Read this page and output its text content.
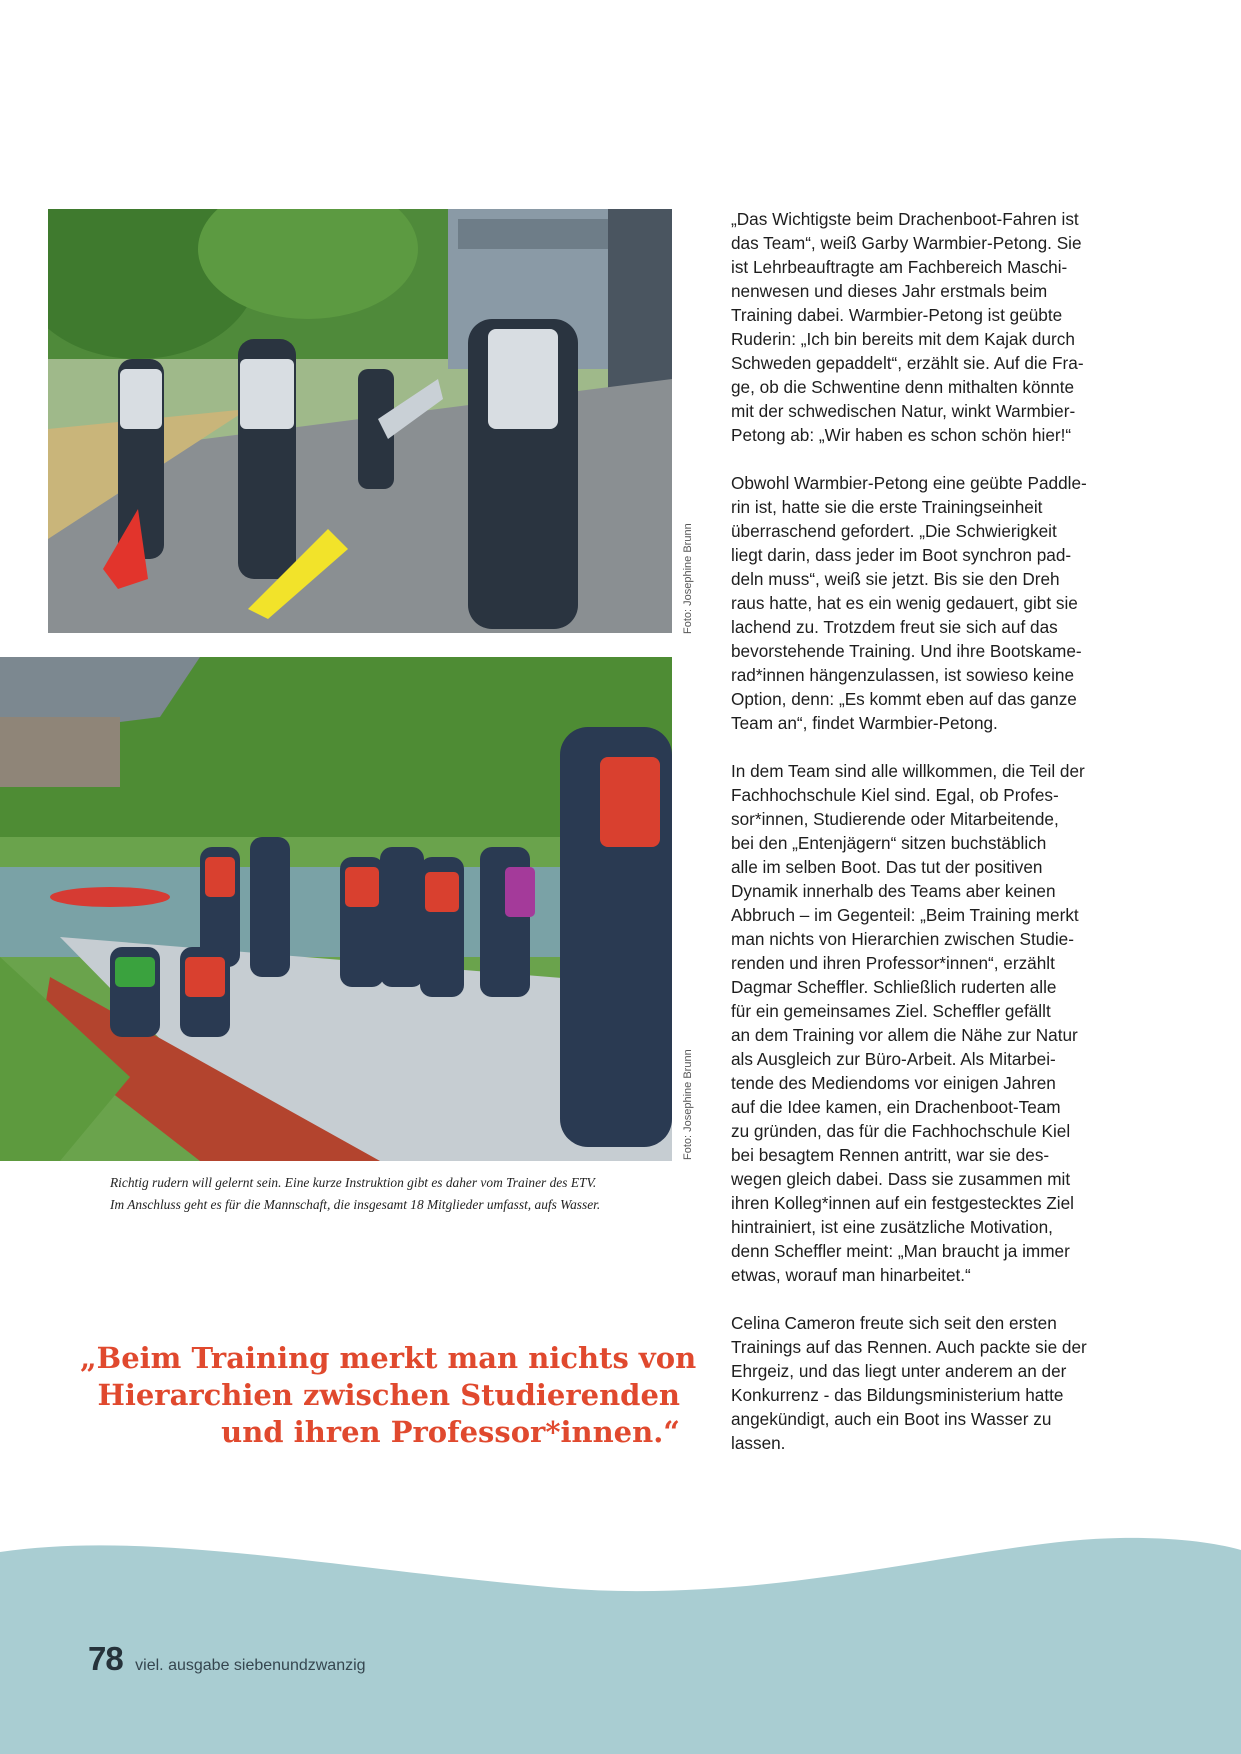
Foto: Josephine Brunn
Foto: Josephine Brunn
Richtig rudern will gelernt sein. Eine kurze Instruktion gibt es daher vom Trainer des ETV.
Im Anschluss geht es für die Mannschaft, die insgesamt 18 Mitglieder umfasst, aufs Wasser.
„Beim Training merkt man nichts von
Hierarchien zwischen Studierenden
und ihren Professor*innen.“
„Das Wichtigste beim Drachenboot-Fahren ist
das Team“, weiß Garby Warmbier-Petong. Sie
ist Lehrbeauftragte am Fachbereich Maschi-
nenwesen und dieses Jahr erstmals beim
Training dabei. Warmbier-Petong ist geübte
Ruderin: „Ich bin bereits mit dem Kajak durch
Schweden gepaddelt“, erzählt sie. Auf die Fra-
ge, ob die Schwentine denn mithalten könnte
mit der schwedischen Natur, winkt Warmbier-
Petong ab: „Wir haben es schon schön hier!“
Obwohl Warmbier-Petong eine geübte Paddle-
rin ist, hatte sie die erste Trainingseinheit
überraschend gefordert. „Die Schwierigkeit
liegt darin, dass jeder im Boot synchron pad-
deln muss“, weiß sie jetzt. Bis sie den Dreh
raus hatte, hat es ein wenig gedauert, gibt sie
lachend zu. Trotzdem freut sie sich auf das
bevorstehende Training. Und ihre Bootskame-
rad*innen hängenzulassen, ist sowieso keine
Option, denn: „Es kommt eben auf das ganze
Team an“, findet Warmbier-Petong.
In dem Team sind alle willkommen, die Teil der
Fachhochschule Kiel sind. Egal, ob Profes-
sor*innen, Studierende oder Mitarbeitende,
bei den „Entenjägern“ sitzen buchstäblich
alle im selben Boot. Das tut der positiven
Dynamik innerhalb des Teams aber keinen
Abbruch – im Gegenteil: „Beim Training merkt
man nichts von Hierarchien zwischen Studie-
renden und ihren Professor*innen“, erzählt
Dagmar Scheffler. Schließlich ruderten alle
für ein gemeinsames Ziel. Scheffler gefällt
an dem Training vor allem die Nähe zur Natur
als Ausgleich zur Büro-Arbeit. Als Mitarbei-
tende des Mediendoms vor einigen Jahren
auf die Idee kamen, ein Drachenboot-Team
zu gründen, das für die Fachhochschule Kiel
bei besagtem Rennen antritt, war sie des-
wegen gleich dabei. Dass sie zusammen mit
ihren Kolleg*innen auf ein festgestecktes Ziel
hintrainiert, ist eine zusätzliche Motivation,
denn Scheffler meint: „Man braucht ja immer
etwas, worauf man hinarbeitet.“
Celina Cameron freute sich seit den ersten
Trainings auf das Rennen. Auch packte sie der
Ehrgeiz, und das liegt unter anderem an der
Konkurrenz - das Bildungsministerium hatte
angekündigt, auch ein Boot ins Wasser zu
lassen.
78 viel. ausgabe siebenundzwanzig
